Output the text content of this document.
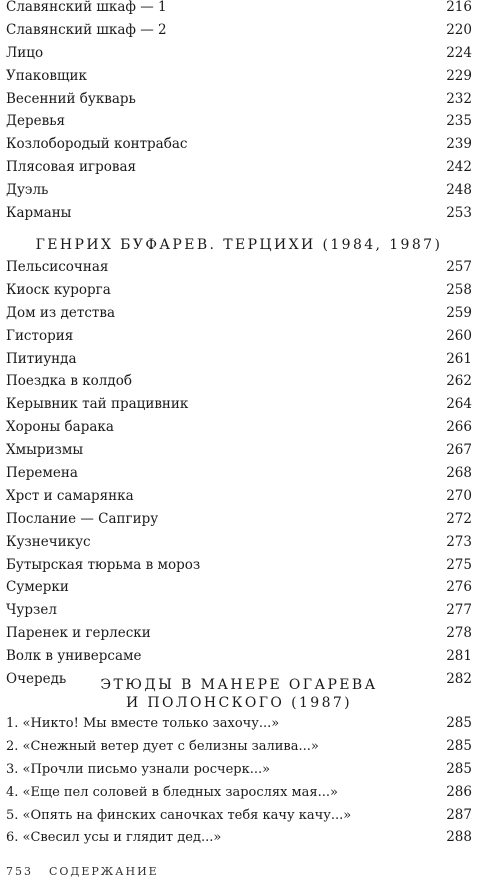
Славянский шкаф — 1	216
Славянский шкаф — 2	220
Лицо	224
Упаковщик	229
Весенний букварь	232
Деревья	235
Козлобородый контрабас	239
Плясовая игровая	242
Дуэль	248
Карманы	253
ГЕНРИХ БУФАРЕВ. ТЕРЦИХИ (1984, 1987)
Пельсисочная	257
Киоск курорга	258
Дом из детства	259
Гистория	260
Питиунда	261
Поездка в колдоб	262
Керывник тай працивник	264
Хороны барака	266
Хмыризмы	267
Перемена	268
Хрст и самарянка	270
Послание — Сапгиру	272
Кузнечикус	273
Бутырская тюрьма в мороз	275
Сумерки	276
Чурзел	277
Паренек и герлески	278
Волк в универсаме	281
Очередь	282
ЭТЮДЫ В МАНЕРЕ ОГАРЕВА
И ПОЛОНСКОГО (1987)
1. «Никто! Мы вместе только захочу...»	285
2. «Снежный ветер дует с белизны залива...»	285
3. «Прочли письмо узнали росчерк...»	285
4. «Еще пел соловей в бледных зарослях мая...»	286
5. «Опять на финских саночках тебя качу качу...»	287
6. «Свесил усы и глядит дед...»	288
753 СОДЕРЖАНИЕ
